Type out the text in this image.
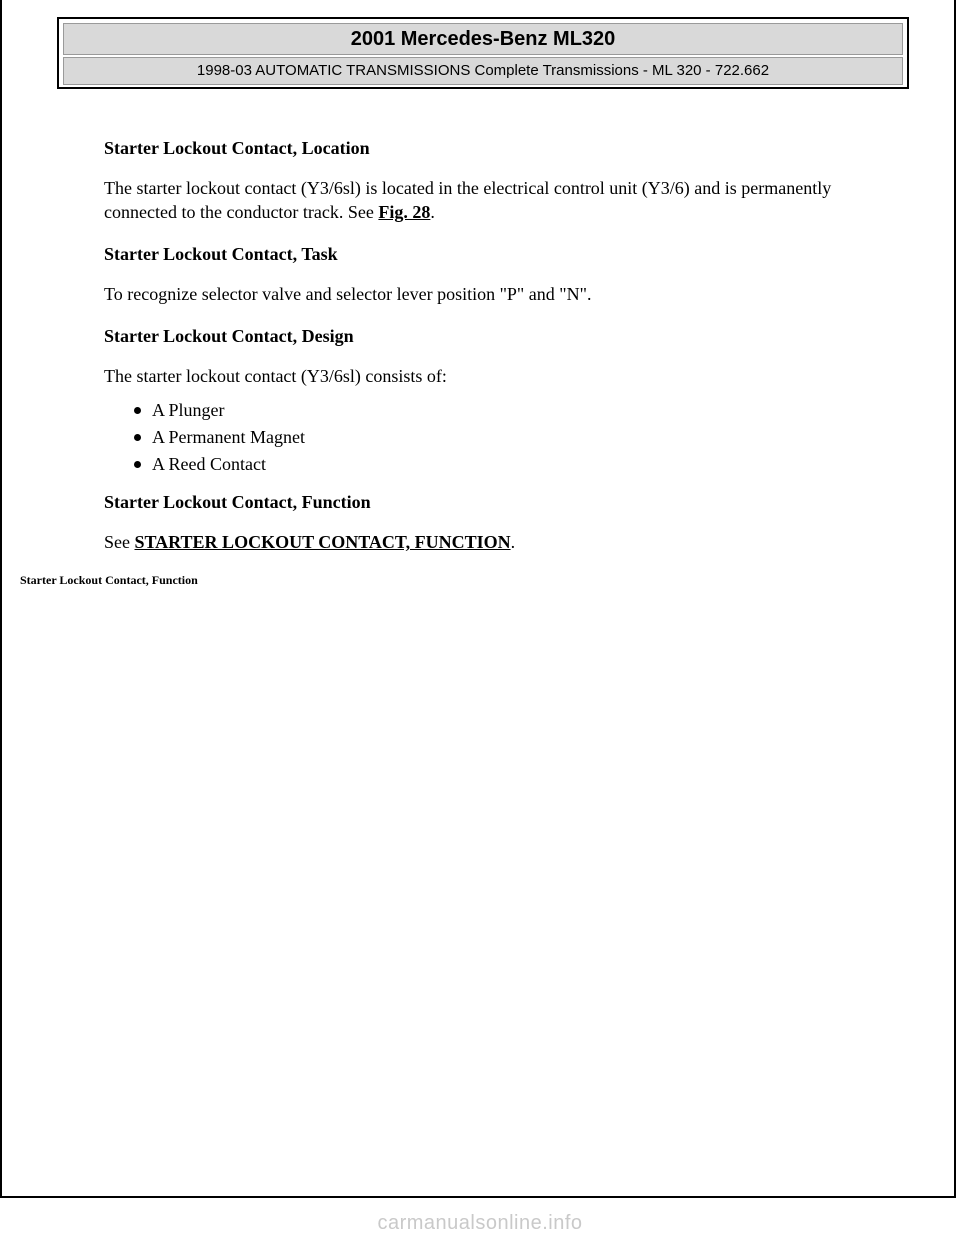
2001 Mercedes-Benz ML320
1998-03 AUTOMATIC TRANSMISSIONS Complete Transmissions - ML 320 - 722.662
Starter Lockout Contact, Location
The starter lockout contact (Y3/6sl) is located in the electrical control unit (Y3/6) and is permanently connected to the conductor track. See Fig. 28.
Starter Lockout Contact, Task
To recognize selector valve and selector lever position "P" and "N".
Starter Lockout Contact, Design
The starter lockout contact (Y3/6sl) consists of:
A Plunger
A Permanent Magnet
A Reed Contact
Starter Lockout Contact, Function
See STARTER LOCKOUT CONTACT, FUNCTION.
Starter Lockout Contact, Function
carmanualsonline.info
